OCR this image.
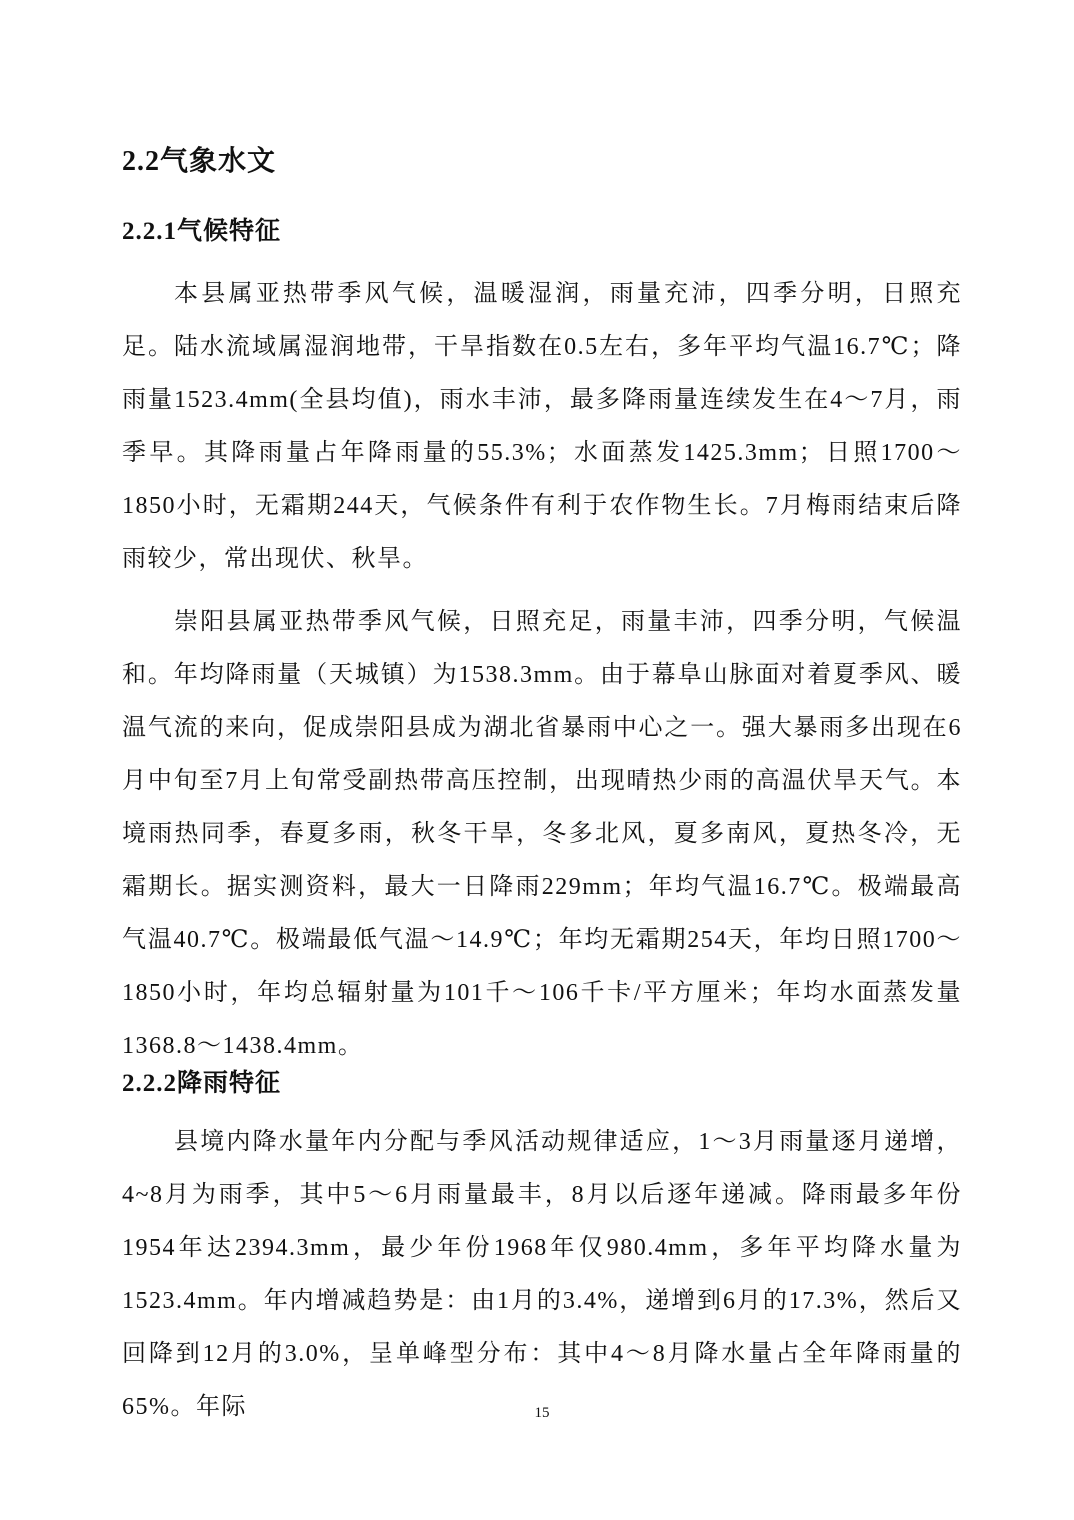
2.2气象水文
2.2.1气候特征

本县属亚热带季风气候，温暖湿润，雨量充沛，四季分明，日照充足。陆水流域属湿润地带，干旱指数在0.5左右，多年平均气温16.7℃；降雨量1523.4mm(全县均值)，雨水丰沛，最多降雨量连续发生在4～7月，雨季早。其降雨量占年降雨量的55.3%；水面蒸发1425.3mm；日照1700～1850小时，无霜期244天，气候条件有利于农作物生长。7月梅雨结束后降雨较少，常出现伏、秋旱。

崇阳县属亚热带季风气候，日照充足，雨量丰沛，四季分明，气候温和。年均降雨量（天城镇）为1538.3mm。由于幕阜山脉面对着夏季风、暖温气流的来向，促成崇阳县成为湖北省暴雨中心之一。强大暴雨多出现在6月中旬至7月上旬常受副热带高压控制，出现晴热少雨的高温伏旱天气。本境雨热同季，春夏多雨，秋冬干旱，冬多北风，夏多南风，夏热冬冷，无霜期长。据实测资料，最大一日降雨229mm；年均气温16.7℃。极端最高气温40.7℃。极端最低气温～14.9℃；年均无霜期254天，年均日照1700～1850小时，年均总辐射量为101千～106千卡/平方厘米；年均水面蒸发量1368.8～1438.4mm。

2.2.2降雨特征

县境内降水量年内分配与季风活动规律适应，1～3月雨量逐月递增，4~8月为雨季，其中5～6月雨量最丰，8月以后逐年递减。降雨最多年份1954年达2394.3mm，最少年份1968年仅980.4mm，多年平均降水量为1523.4mm。年内增减趋势是：由1月的3.4%，递增到6月的17.3%，然后又回降到12月的3.0%，呈单峰型分布：其中4～8月降水量占全年降雨量的65%。年际	15
